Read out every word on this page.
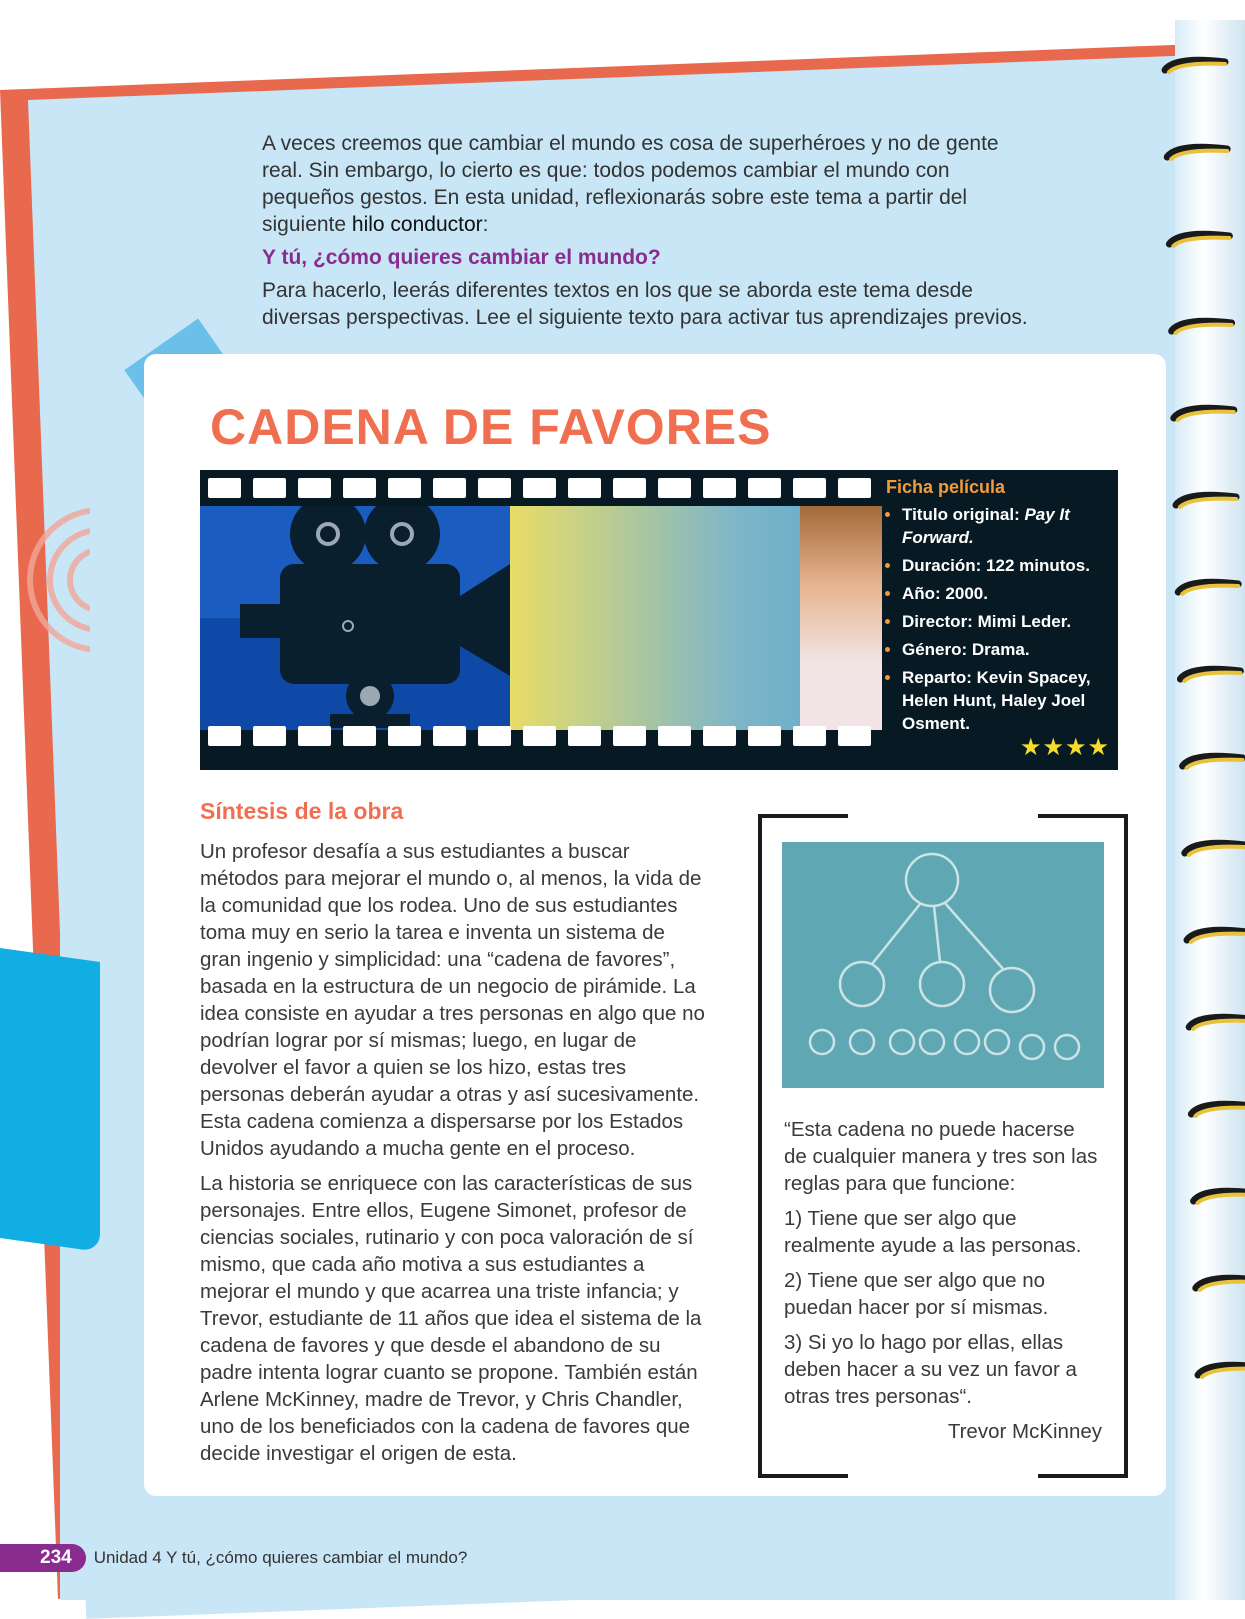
A veces creemos que cambiar el mundo es cosa de superhéroes y no de gente real. Sin embargo, lo cierto es que: todos podemos cambiar el mundo con pequeños gestos. En esta unidad, reflexionarás sobre este tema a partir del siguiente hilo conductor:

Y tú, ¿cómo quieres cambiar el mundo?

Para hacerlo, leerás diferentes textos en los que se aborda este tema desde diversas perspectivas. Lee el siguiente texto para activar tus aprendizajes previos.

CADENA DE FAVORES
Ficha película
• Titulo original: Pay It Forward.
• Duración: 122 minutos.
• Año: 2000.
• Director: Mimi Leder.
• Género: Drama.
• Reparto: Kevin Spacey, Helen Hunt, Haley Joel Osment.
★★★★
Síntesis de la obra

Un profesor desafía a sus estudiantes a buscar métodos para mejorar el mundo o, al menos, la vida de la comunidad que los rodea. Uno de sus estudiantes toma muy en serio la tarea e inventa un sistema de gran ingenio y simplicidad: una “cadena de favores”, basada en la estructura de un negocio de pirámide. La idea consiste en ayudar a tres personas en algo que no podrían lograr por sí mismas; luego, en lugar de devolver el favor a quien se los hizo, estas tres personas deberán ayudar a otras y así sucesivamente. Esta cadena comienza a dispersarse por los Estados Unidos ayudando a mucha gente en el proceso.

La historia se enriquece con las características de sus personajes. Entre ellos, Eugene Simonet, profesor de ciencias sociales, rutinario y con poca valoración de sí mismo, que cada año motiva a sus estudiantes a mejorar el mundo y que acarrea una triste infancia; y Trevor, estudiante de 11 años que idea el sistema de la cadena de favores y que desde el abandono de su padre intenta lograr cuanto se propone. También están Arlene McKinney, madre de Trevor, y Chris Chandler, uno de los beneficiados con la cadena de favores que decide investigar el origen de esta.

“Esta cadena no puede hacerse de cualquier manera y tres son las reglas para que funcione:

1) Tiene que ser algo que realmente ayude a las personas.

2) Tiene que ser algo que no puedan hacer por sí mismas.

3) Si yo lo hago por ellas, ellas deben hacer a su vez un favor a otras tres personas“.

Trevor McKinney

234	Unidad 4 Y tú, ¿cómo quieres cambiar el mundo?
